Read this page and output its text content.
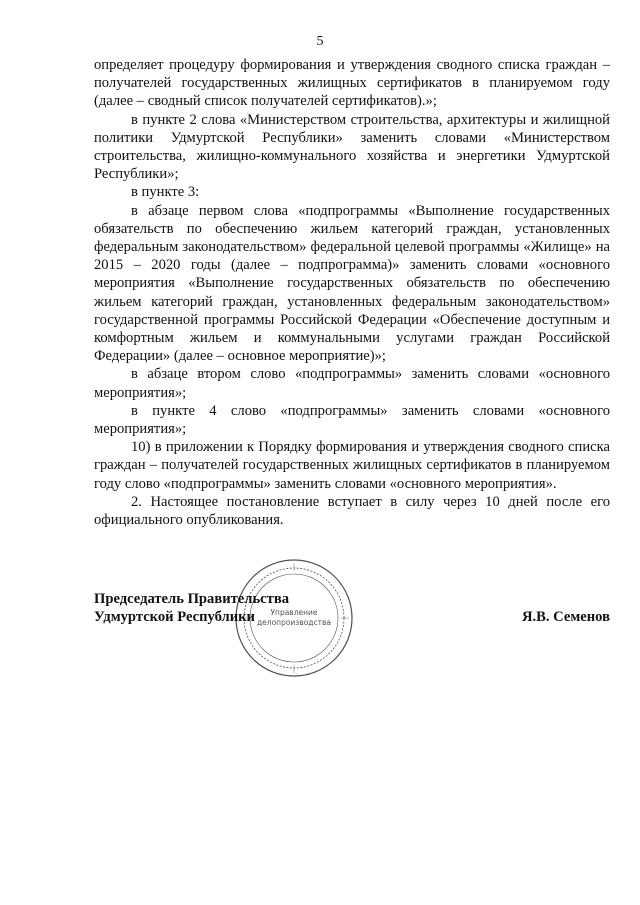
5

определяет процедуру формирования и утверждения сводного списка граждан – получателей государственных жилищных сертификатов в планируемом году (далее – сводный список получателей сертификатов).»;

в пункте 2 слова «Министерством строительства, архитектуры и жилищной политики Удмуртской Республики» заменить словами «Министерством строительства, жилищно-коммунального хозяйства и энергетики Удмуртской Республики»;

в пункте 3:

в абзаце первом слова «подпрограммы «Выполнение государственных обязательств по обеспечению жильем категорий граждан, установленных федеральным законодательством» федеральной целевой программы «Жилище» на 2015 – 2020 годы (далее – подпрограмма)» заменить словами «основного мероприятия «Выполнение государственных обязательств по обеспечению жильем категорий граждан, установленных федеральным законодательством» государственной программы Российской Федерации «Обеспечение доступным и комфортным жильем и коммунальными услугами граждан Российской Федерации» (далее – основное мероприятие)»;

в абзаце втором слово «подпрограммы» заменить словами «основного мероприятия»;

в пункте 4 слово «подпрограммы» заменить словами «основного мероприятия»;

10) в приложении к Порядку формирования и утверждения сводного списка граждан – получателей государственных жилищных сертификатов в планируемом году слово «подпрограммы» заменить словами «основного мероприятия».

2. Настоящее постановление вступает в силу через 10 дней после его официального опубликования.

Управление
делопроизводства
Председатель Правительства
Удмуртской Республики	Я.В. Семенов
